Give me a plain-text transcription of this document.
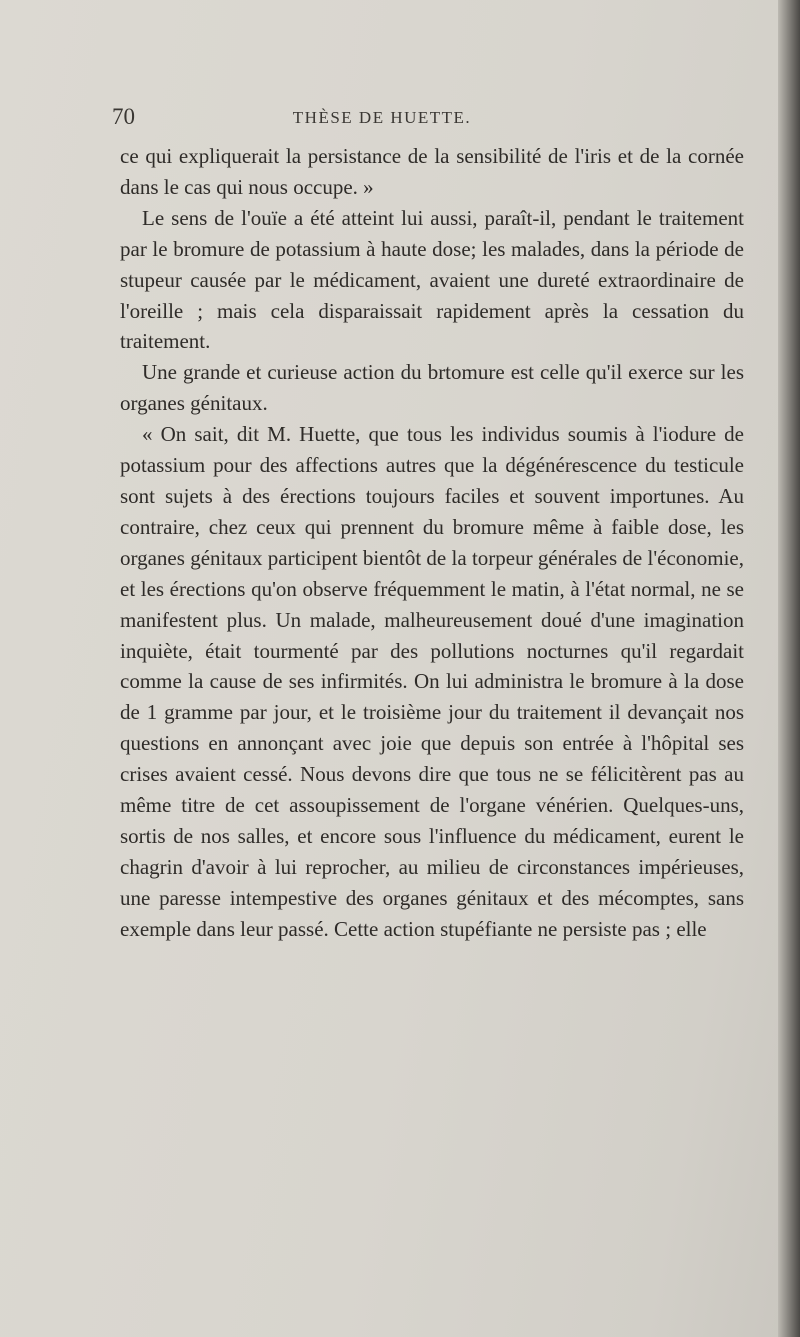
70	THÈSE DE HUETTE.

ce qui expliquerait la persistance de la sensibilité de l'iris et de la cornée dans le cas qui nous occupe. »

Le sens de l'ouïe a été atteint lui aussi, paraît-il, pendant le traitement par le bromure de potassium à haute dose; les malades, dans la période de stupeur causée par le médicament, avaient une dureté extraordinaire de l'oreille ; mais cela disparaissait rapidement après la cessation du traitement.

Une grande et curieuse action du brtomure est celle qu'il exerce sur les organes génitaux.

« On sait, dit M. Huette, que tous les individus soumis à l'iodure de potassium pour des affections autres que la dégénérescence du testicule sont sujets à des érections toujours faciles et souvent importunes. Au contraire, chez ceux qui prennent du bromure même à faible dose, les organes génitaux participent bientôt de la torpeur générales de l'économie, et les érections qu'on observe fréquemment le matin, à l'état normal, ne se manifestent plus. Un malade, malheureusement doué d'une imagination inquiète, était tourmenté par des pollutions nocturnes qu'il regardait comme la cause de ses infirmités. On lui administra le bromure à la dose de 1 gramme par jour, et le troisième jour du traitement il devançait nos questions en annonçant avec joie que depuis son entrée à l'hôpital ses crises avaient cessé. Nous devons dire que tous ne se félicitèrent pas au même titre de cet assoupissement de l'organe vénérien. Quelques-uns, sortis de nos salles, et encore sous l'influence du médicament, eurent le chagrin d'avoir à lui reprocher, au milieu de circonstances impérieuses, une paresse intempestive des organes génitaux et des mécomptes, sans exemple dans leur passé. Cette action stupéfiante ne persiste pas ; elle
